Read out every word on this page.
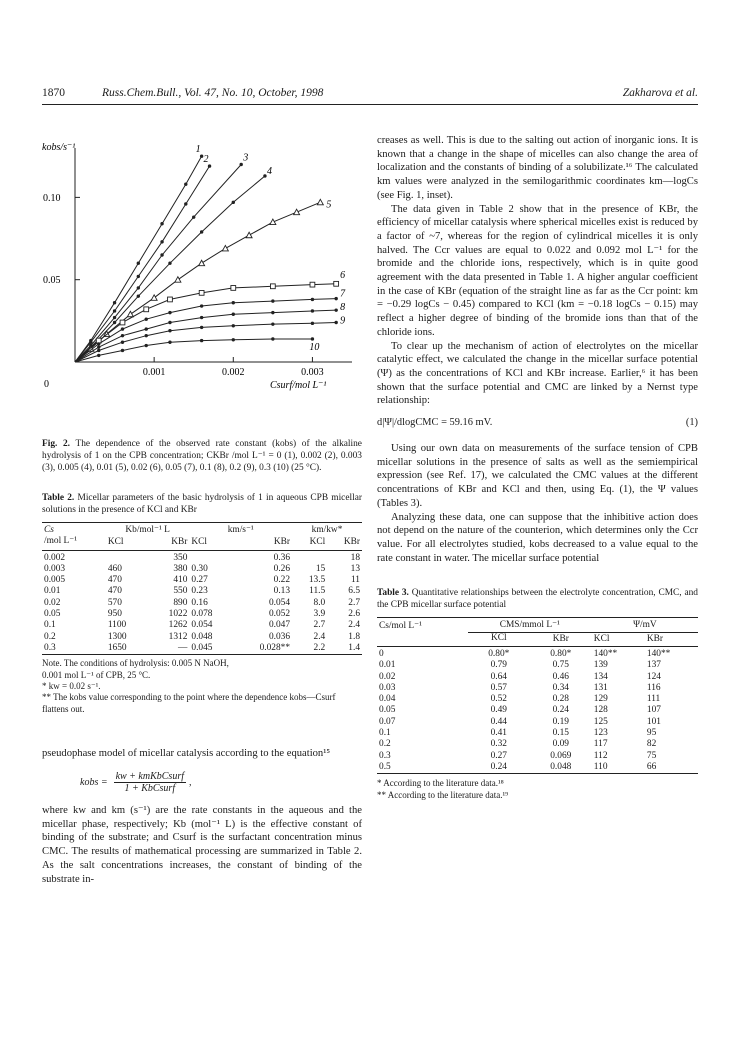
1870	Russ.Chem.Bull., Vol. 47, No. 10, October, 1998	Zakharova et al.
kobs/s⁻¹
0.10
0.05
0
0.001	0.002	0.003
1
2	3
4
5
6
7
8
9
10
Csurf/mol L⁻¹

Fig. 2. The dependence of the observed rate constant (kobs) of the alkaline hydrolysis of 1 on the CPB concentration; CKBr /mol L⁻¹ = 0 (1), 0.002 (2), 0.003 (3), 0.005 (4), 0.01 (5), 0.02 (6), 0.05 (7), 0.1 (8), 0.2 (9), 0.3 (10) (25 °C).

Table 2. Micellar parameters of the basic hydrolysis of 1 in aqueous CPB micellar solutions in the presence of KCl and KBr

Cs	Kb/mol⁻¹ L		km/s⁻¹		km/kw*	
/mol L⁻¹	KCl	KBr	KCl	KBr	KCl	KBr
0.002		350		0.36		18
0.003	460	380	0.30	0.26	15	13
0.005	470	410	0.27	0.22	13.5	11
0.01	470	550	0.23	0.13	11.5	6.5
0.02	570	890	0.16	0.054	8.0	2.7
0.05	950	1022	0.078	0.052	3.9	2.6
0.1	1100	1262	0.054	0.047	2.7	2.4
0.2	1300	1312	0.048	0.036	2.4	1.8
0.3	1650	—	0.045	0.028**	2.2	1.4

Note. The conditions of hydrolysis: 0.005 N NaOH,

0.001 mol L⁻¹ of CPB, 25 °C.

* kw = 0.02 s⁻¹.

** The kobs value corresponding to the point where the dependence kobs—Csurf flattens out.

pseudophase model of micellar catalysis according to the equation¹⁵

kobs =
kw + kmKbCsurf
1 + KbCsurf
,

where kw and km (s⁻¹) are the rate constants in the aqueous and the micellar phase, respectively; Kb (mol⁻¹ L) is the effective constant of binding of the substrate; and Csurf is the surfactant concentration minus CMC. The results of mathematical processing are summarized in Table 2. As the salt concentrations increases, the constant of binding of the substrate in-

creases as well. This is due to the salting out action of inorganic ions. It is known that a change in the shape of micelles can also change the area of localization and the constants of binding of a solubilizate.¹⁶ The calculated km values were analyzed in the semilogarithmic coordinates km—logCs (see Fig. 1, inset).

The data given in Table 2 show that in the presence of KBr, the efficiency of micellar catalysis where spherical micelles exist is reduced by a factor of ~7, whereas for the region of cylindrical micelles it is only halved. The Ccr values are equal to 0.022 and 0.092 mol L⁻¹ for the bromide and the chloride ions, respectively, which is in quite good agreement with the data presented in Table 1. A higher angular coefficient in the case of KBr (equation of the straight line as far as the Ccr point: km = −0.29 logCs − 0.45) compared to KCl (km = −0.18 logCs − 0.15) may reflect a higher degree of binding of the bromide ions than that of the chloride ions.

To clear up the mechanism of action of electrolytes on the micellar catalytic effect, we calculated the change in the micellar surface potential (Ψ) as the concentrations of KCl and KBr increase. Earlier,⁶ it has been shown that the surface potential and CMC are linked by a Nernst type relationship:

d|Ψ|/dlogCMC = 59.16 mV.	(1)

Using our own data on measurements of the surface tension of CPB micellar solutions in the presence of salts as well as the semiempirical expression (see Ref. 17), we calculated the CMC values at the different concentrations of KBr and KCl and then, using Eq. (1), the Ψ values (Tables 3).

Analyzing these data, one can suppose that the inhibitive action does not depend on the nature of the counterion, which determines only the Ccr value. For all electrolytes studied, kobs decreased to a value equal to the rate constant in water. The micellar surface potential

Table 3. Quantitative relationships between the electrolyte concentration, CMC, and the CPB micellar surface potential

Cs/mol L⁻¹	CMS/mmol L⁻¹		Ψ/mV	
	KCl	KBr	KCl	KBr
0	0.80*	0.80*	140**	140**
0.01	0.79	0.75	139	137
0.02	0.64	0.46	134	124
0.03	0.57	0.34	131	116
0.04	0.52	0.28	129	111
0.05	0.49	0.24	128	107
0.07	0.44	0.19	125	101
0.1	0.41	0.15	123	95
0.2	0.32	0.09	117	82
0.3	0.27	0.069	112	75
0.5	0.24	0.048	110	66

* According to the literature data.¹⁸

** According to the literature data.¹⁹
